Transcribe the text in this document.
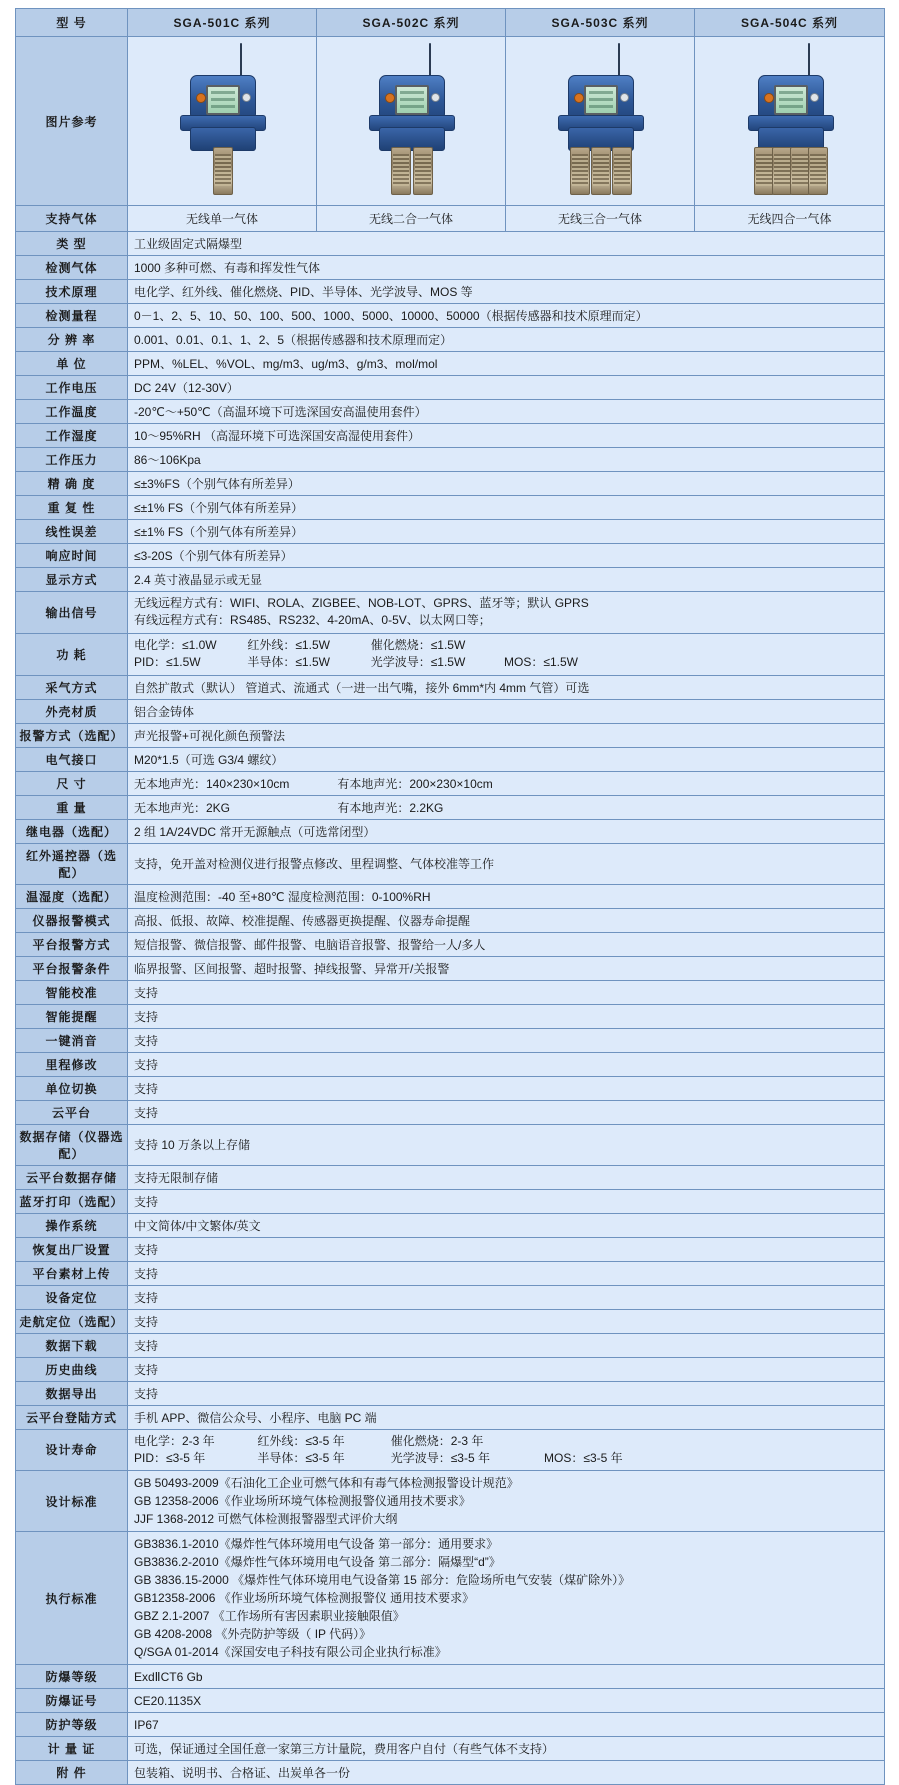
型 号	SGA-501C 系列	SGA-502C 系列	SGA-503C 系列	SGA-504C 系列
图片参考	

支持气体	无线单一气体	无线二合一气体	无线三合一气体	无线四合一气体
类 型	工业级固定式隔爆型			
检测气体	1000 多种可燃、有毒和挥发性气体			
技术原理	电化学、红外线、催化燃烧、PID、半导体、光学波导、MOS 等			
检测量程	0－1、2、5、10、50、100、500、1000、5000、10000、50000（根据传感器和技术原理而定）			
分 辨 率	0.001、0.01、0.1、1、2、5（根据传感器和技术原理而定）			
单 位	PPM、%LEL、%VOL、mg/m3、ug/m3、g/m3、mol/mol			
工作电压	DC 24V（12-30V）			
工作温度	-20℃～+50℃（高温环境下可选深国安高温使用套件）			
工作湿度	10～95%RH （高湿环境下可选深国安高湿使用套件）			
工作压力	86～106Kpa			
精 确 度	≤±3%FS（个别气体有所差异）			
重 复 性	≤±1% FS（个别气体有所差异）			
线性误差	≤±1% FS（个别气体有所差异）			
响应时间	≤3-20S（个别气体有所差异）			
显示方式	2.4 英寸液晶显示或无显			
输出信号	无线远程方式有：WIFI、ROLA、ZIGBEE、NOB-LOT、GPRS、蓝牙等；默认 GPRS
有线远程方式有：RS485、RS232、4-20mA、0-5V、以太网口等；			

功 耗	电化学：≤1.0W 红外线：≤1.5W 催化燃烧：≤1.5W
PID：≤1.5W 半导体：≤1.5W 光学波导：≤1.5W MOS：≤1.5W			

采气方式	自然扩散式（默认） 管道式、流通式（一进一出气嘴，接外 6mm*内 4mm 气管）可选			
外壳材质	铝合金铸体			
报警方式（选配）	声光报警+可视化颜色预警法			
电气接口	M20*1.5（可选 G3/4 螺纹）			
尺 寸	无本地声光：140×230×10cm 有本地声光：200×230×10cm			
重 量	无本地声光：2KG 有本地声光：2.2KG			
继电器（选配）	2 组 1A/24VDC 常开无源触点（可选常闭型）			
红外遥控器（选配）	支持，免开盖对检测仪进行报警点修改、里程调整、气体校准等工作			
温湿度（选配）	温度检测范围：-40 至+80℃ 湿度检测范围：0-100%RH			
仪器报警模式	高报、低报、故障、校准提醒、传感器更换提醒、仪器寿命提醒			
平台报警方式	短信报警、微信报警、邮件报警、电脑语音报警、报警给一人/多人			
平台报警条件	临界报警、区间报警、超时报警、掉线报警、异常开/关报警			
智能校准	支持			
智能提醒	支持			
一键消音	支持			
里程修改	支持			
单位切换	支持			
云平台	支持			
数据存储（仪器选配）	支持 10 万条以上存储			
云平台数据存储	支持无限制存储			
蓝牙打印（选配）	支持			
操作系统	中文简体/中文繁体/英文			
恢复出厂设置	支持			
平台素材上传	支持			
设备定位	支持			
走航定位（选配）	支持			
数据下载	支持			
历史曲线	支持			
数据导出	支持			
云平台登陆方式	手机 APP、微信公众号、小程序、电脑 PC 端			
设计寿命	电化学：2-3 年 红外线：≤3-5 年 催化燃烧：2-3 年
PID：≤3-5 年 半导体：≤3-5 年 光学波导：≤3-5 年 MOS：≤3-5 年			

设计标准	GB 50493-2009《石油化工企业可燃气体和有毒气体检测报警设计规范》
GB 12358-2006《作业场所环境气体检测报警仪通用技术要求》
JJF 1368-2012 可燃气体检测报警器型式评价大纲			

执行标准	
GB3836.1-2010《爆炸性气体环境用电气设备 第一部分：通用要求》
GB3836.2-2010《爆炸性气体环境用电气设备 第二部分：隔爆型“d”》
GB 3836.15-2000 《爆炸性气体环境用电气设备第 15 部分：危险场所电气安装（煤矿除外）》
GB12358-2006 《作业场所环境气体检测报警仪 通用技术要求》
GBZ 2.1-2007 《工作场所有害因素职业接触限值》
GB 4208-2008 《外壳防护等级（ IP 代码）》
Q/SGA 01-2014《深国安电子科技有限公司企业执行标准》

防爆等级	ExdⅡCT6 Gb			
防爆证号	CE20.1135X			
防护等级	IP67			
计 量 证	可选，保证通过全国任意一家第三方计量院，费用客户自付（有些气体不支持）			
附 件	包装箱、说明书、合格证、出炭单各一份			
